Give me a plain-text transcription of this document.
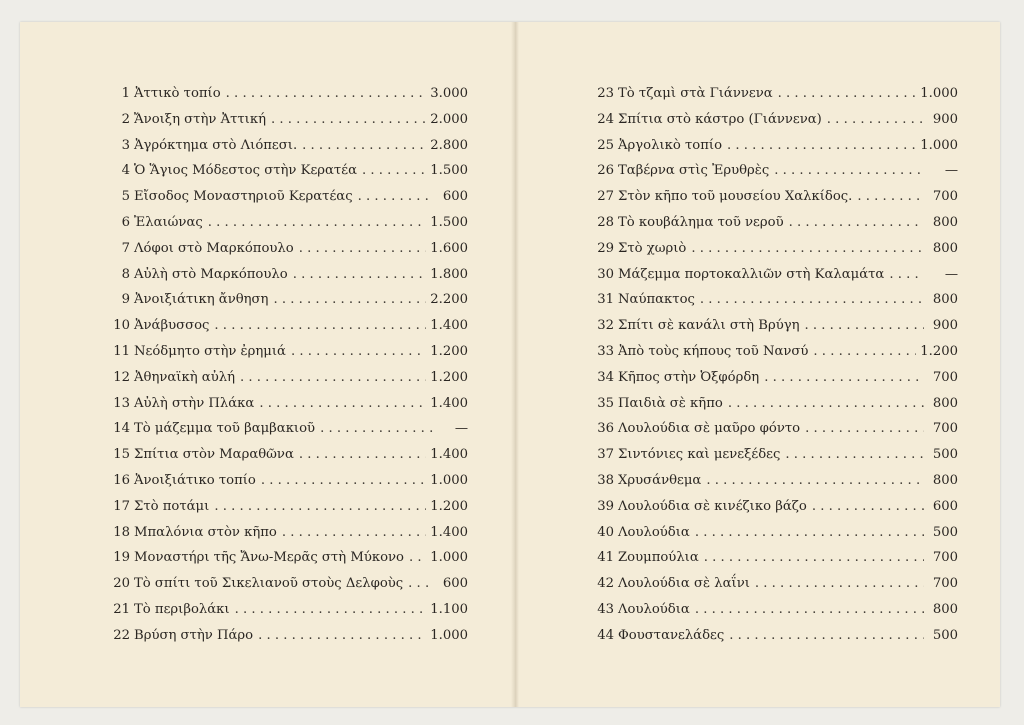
1 Ἀττικὸ τοπίο . . .	3.000
2 Ἄνοιξη στὴν Ἀττική . . .	2.000
3 Ἀγρόκτημα στὸ Λιόπεσι. . . .	2.800
4 Ὁ Ἅγιος Μόδεστος στὴν Κερατέα . . .	1.500
5 Εἴσοδος Μοναστηριοῦ Κερατέας . . .	600
6 Ἐλαιώνας . . .	1.500
7 Λόφοι στὸ Μαρκόπουλο . . .	1.600
8 Αὐλὴ στὸ Μαρκόπουλο . . .	1.800
9 Ἀνοιξιάτικη ἄνθηση . . .	2.200
10 Ἀνάβυσσος . . .	1.400
11 Νεόδμητο στὴν ἐρημιά . . .	1.200
12 Ἀθηναϊκὴ αὐλή . . .	1.200
13 Αὐλὴ στὴν Πλάκα . . .	1.400
14 Τὸ μάζεμμα τοῦ βαμβακιοῦ . . .	—
15 Σπίτια στὸν Μαραθῶνα . . .	1.400
16 Ἀνοιξιάτικο τοπίο . . .	1.000
17 Στὸ ποτάμι . . .	1.200
18 Μπαλόνια στὸν κῆπο . . .	1.400
19 Μοναστήρι τῆς Ἄνω-Μερᾶς στὴ Μύκονο . . .	1.000
20 Τὸ σπίτι τοῦ Σικελιανοῦ στοὺς Δελφοὺς . . .	600
21 Τὸ περιβολάκι . . .	1.100
22 Βρύση στὴν Πάρο . . .	1.000
23 Τὸ τζαμὶ στὰ Γιάννενα . . .	1.000
24 Σπίτια στὸ κάστρο (Γιάννενα) . . .	900
25 Ἀργολικὸ τοπίο . . .	1.000
26 Ταβέρνα στὶς Ἐρυθρὲς . . .	—
27 Στὸν κῆπο τοῦ μουσείου Χαλκίδος. . . .	700
28 Τὸ κουβάλημα τοῦ νεροῦ . . .	800
29 Στὸ χωριὸ . . .	800
30 Μάζεμμα πορτοκαλλιῶν στὴ Καλαμάτα . . .	—
31 Ναύπακτος . . .	800
32 Σπίτι σὲ κανάλι στὴ Βρύγη . . .	900
33 Ἀπὸ τοὺς κήπους τοῦ Νανσύ . . .	1.200
34 Κῆπος στὴν Ὀξφόρδη . . .	700
35 Παιδιὰ σὲ κῆπο . . .	800
36 Λουλούδια σὲ μαῦρο φόντο . . .	700
37 Σιντόνιες καὶ μενεξέδες . . .	500
38 Χρυσάνθεμα . . .	800
39 Λουλούδια σὲ κινέζικο βάζο . . .	600
40 Λουλούδια . . .	500
41 Ζουμπούλια . . .	700
42 Λουλούδια σὲ λαΐνι . . .	700
43 Λουλούδια . . .	800
44 Φουστανελάδες . . .	500
